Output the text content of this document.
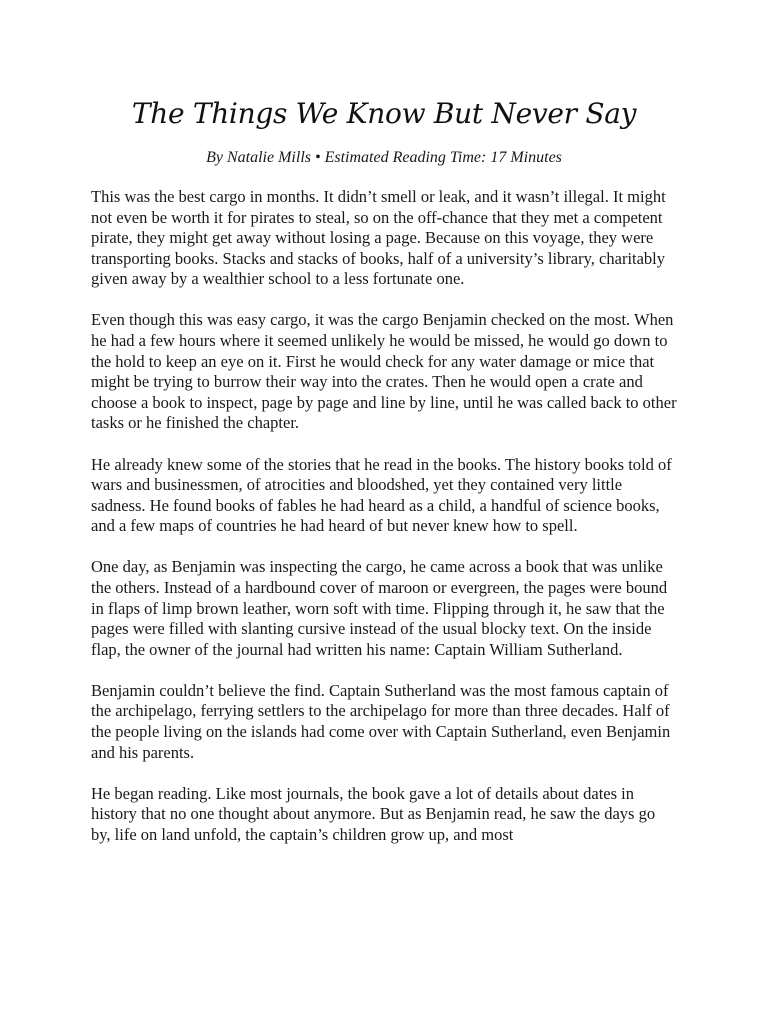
The Things We Know But Never Say
By Natalie Mills • Estimated Reading Time: 17 Minutes

This was the best cargo in months. It didn’t smell or leak, and it wasn’t illegal. It might not even be worth it for pirates to steal, so on the off-chance that they met a competent pirate, they might get away without losing a page. Because on this voyage, they were transporting books. Stacks and stacks of books, half of a university’s library, charitably given away by a wealthier school to a less fortunate one.

Even though this was easy cargo, it was the cargo Benjamin checked on the most. When he had a few hours where it seemed unlikely he would be missed, he would go down to the hold to keep an eye on it. First he would check for any water damage or mice that might be trying to burrow their way into the crates. Then he would open a crate and choose a book to inspect, page by page and line by line, until he was called back to other tasks or he finished the chapter.

He already knew some of the stories that he read in the books. The history books told of wars and businessmen, of atrocities and bloodshed, yet they contained very little sadness. He found books of fables he had heard as a child, a handful of science books, and a few maps of countries he had heard of but never knew how to spell.

One day, as Benjamin was inspecting the cargo, he came across a book that was unlike the others. Instead of a hardbound cover of maroon or evergreen, the pages were bound in flaps of limp brown leather, worn soft with time. Flipping through it, he saw that the pages were filled with slanting cursive instead of the usual blocky text. On the inside flap, the owner of the journal had written his name: Captain William Sutherland.

Benjamin couldn’t believe the find. Captain Sutherland was the most famous captain of the archipelago, ferrying settlers to the archipelago for more than three decades. Half of the people living on the islands had come over with Captain Sutherland, even Benjamin and his parents.

He began reading. Like most journals, the book gave a lot of details about dates in history that no one thought about anymore. But as Benjamin read, he saw the days go by, life on land unfold, the captain’s children grow up, and most
